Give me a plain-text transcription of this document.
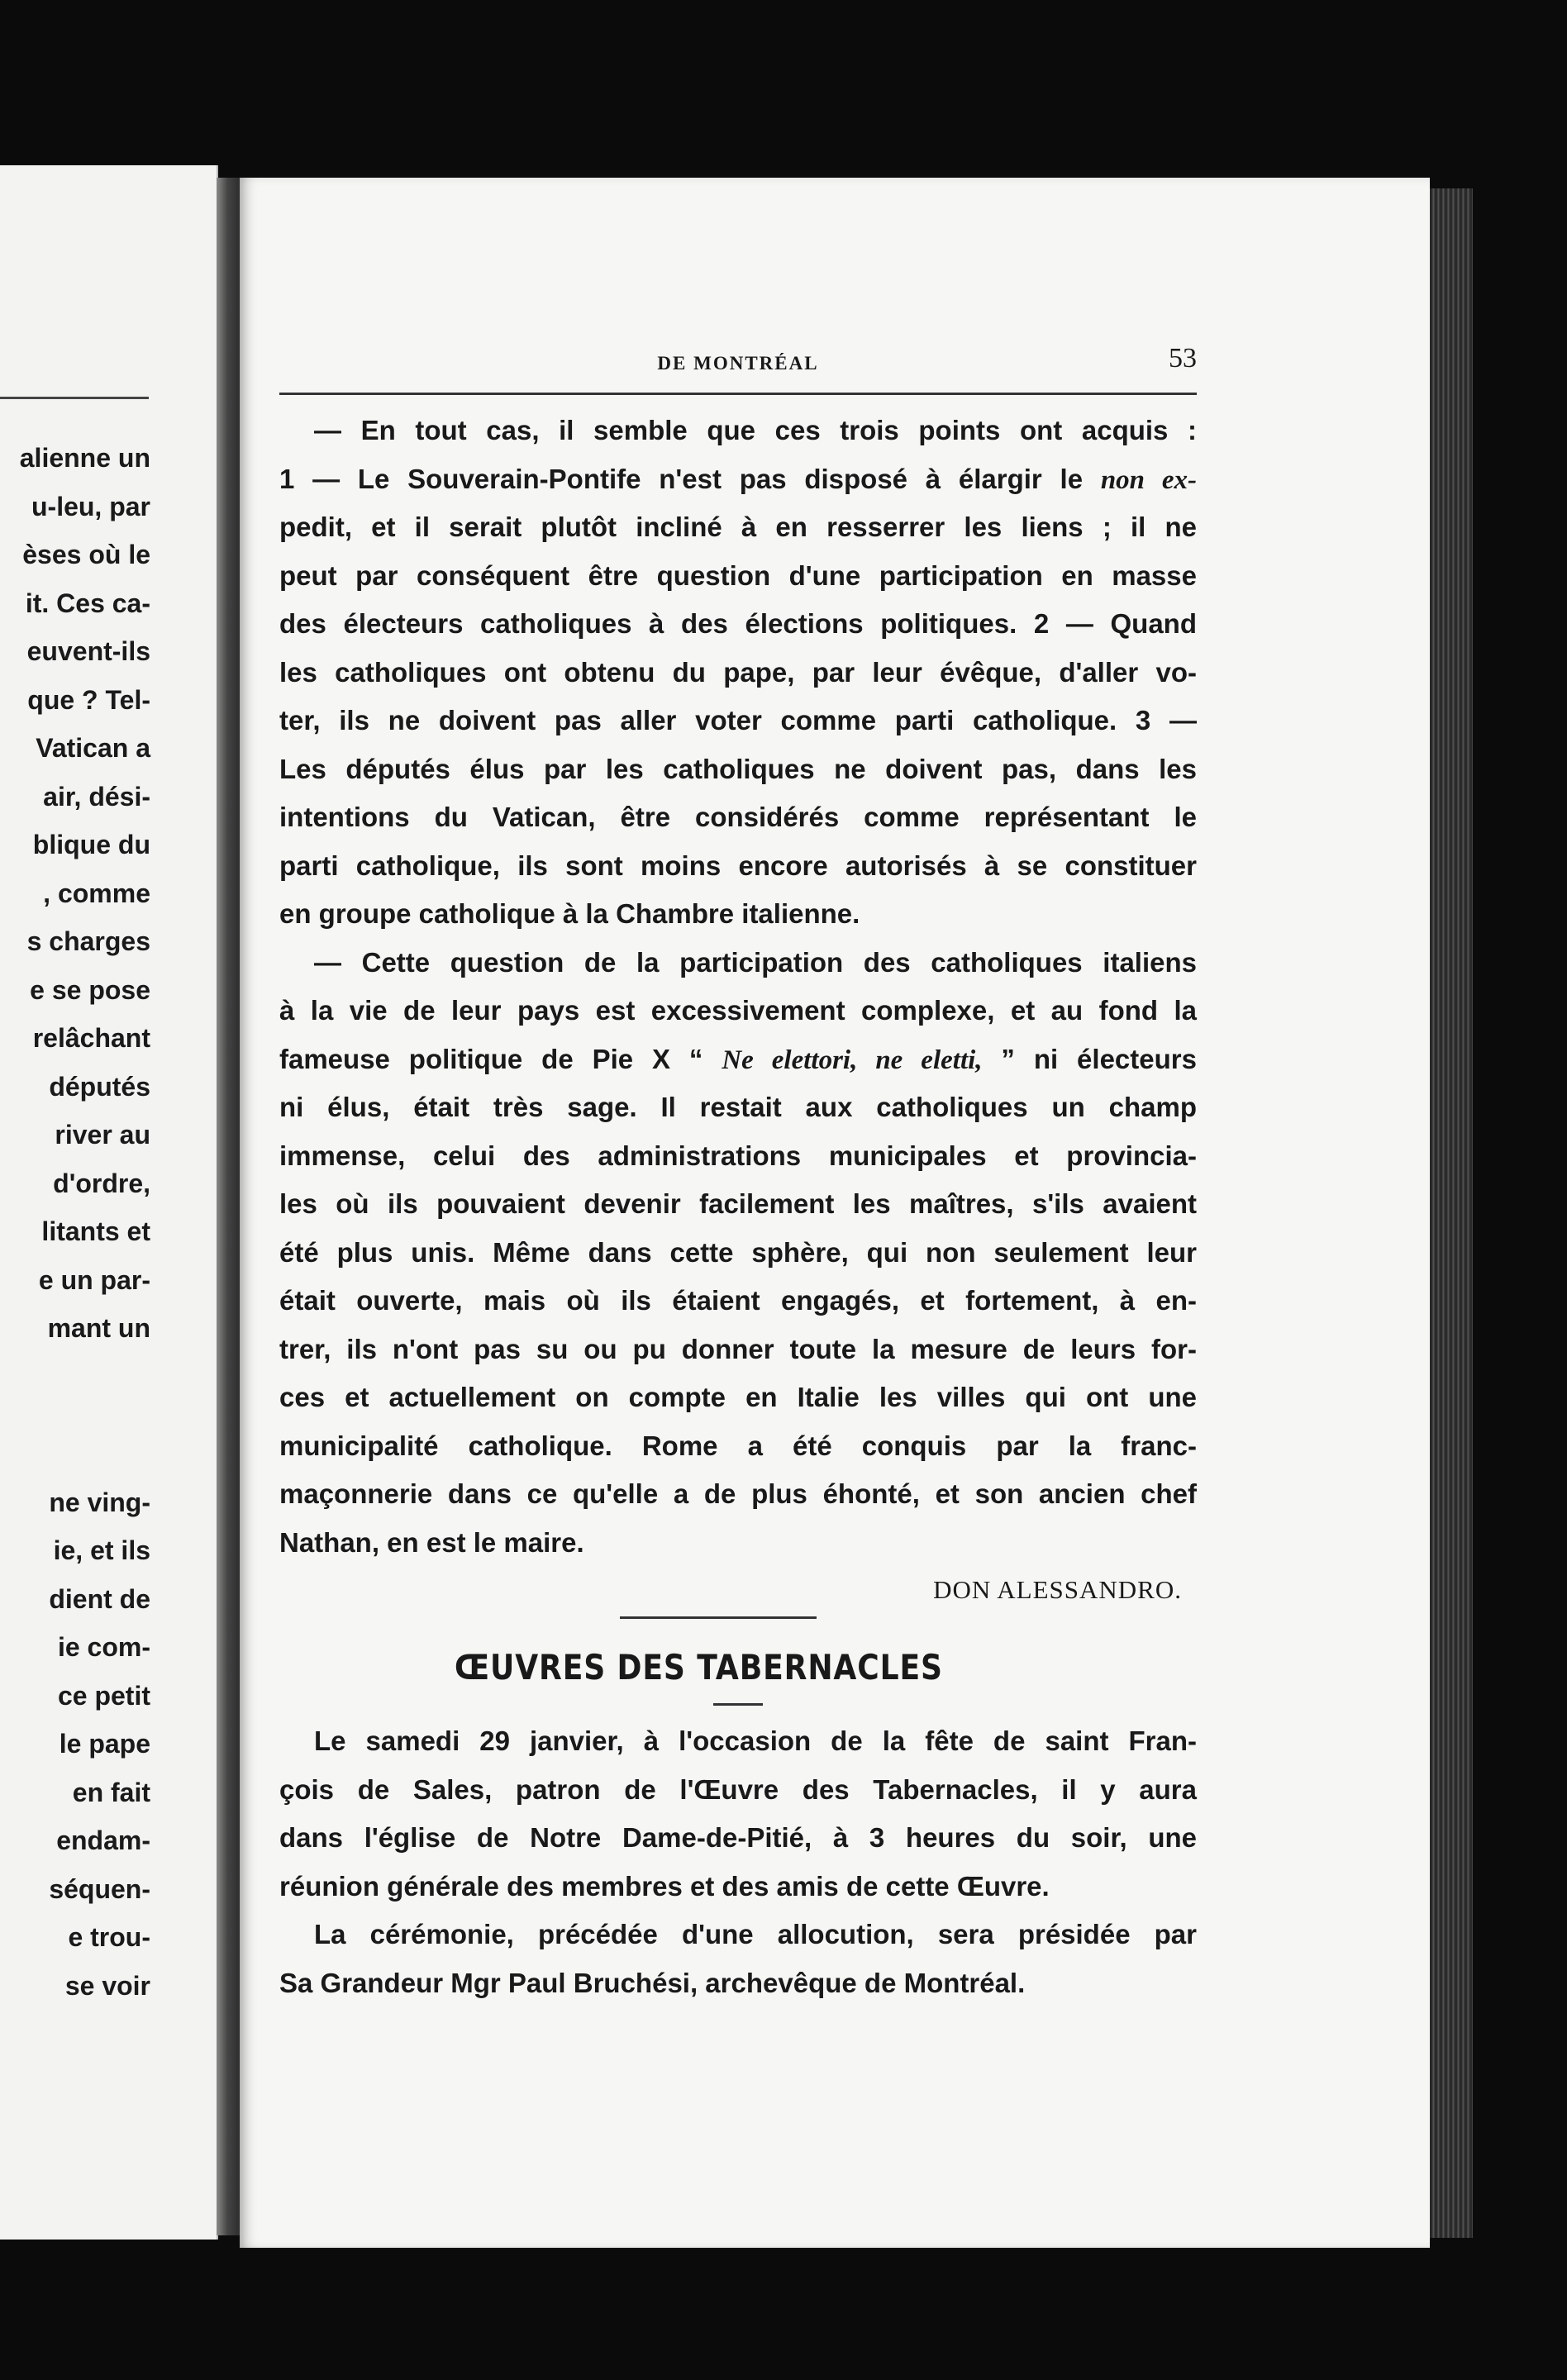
alienne un
u-leu, par
èses où le
it. Ces ca-
euvent-ils
que ? Tel-
Vatican a
air, dési-
blique du
, comme
s charges
e se pose
relâchant
députés
river au
d'ordre,
litants et
e un par-
mant un
ne ving-
ie, et ils
dient de
ie com-
ce petit
le pape
en fait
endam-
séquen-
e trou-
se voir
DE MONTRÉAL	53

— En tout cas, il semble que ces trois points ont acquis :
1 — Le Souverain-Pontife n'est pas disposé à élargir le non ex-
pedit, et il serait plutôt incliné à en resserrer les liens ; il ne
peut par conséquent être question d'une participation en masse
des électeurs catholiques à des élections politiques. 2 — Quand
les catholiques ont obtenu du pape, par leur évêque, d'aller vo-
ter, ils ne doivent pas aller voter comme parti catholique. 3 —
Les députés élus par les catholiques ne doivent pas, dans les
intentions du Vatican, être considérés comme représentant le
parti catholique, ils sont moins encore autorisés à se constituer
en groupe catholique à la Chambre italienne.

— Cette question de la participation des catholiques italiens
à la vie de leur pays est excessivement complexe, et au fond la
fameuse politique de Pie X “ Ne elettori, ne eletti, ” ni électeurs
ni élus, était très sage. Il restait aux catholiques un champ
immense, celui des administrations municipales et provincia-
les où ils pouvaient devenir facilement les maîtres, s'ils avaient
été plus unis. Même dans cette sphère, qui non seulement leur
était ouverte, mais où ils étaient engagés, et fortement, à en-
trer, ils n'ont pas su ou pu donner toute la mesure de leurs for-
ces et actuellement on compte en Italie les villes qui ont une
municipalité catholique. Rome a été conquis par la franc-
maçonnerie dans ce qu'elle a de plus éhonté, et son ancien chef
Nathan, en est le maire.

DON ALESSANDRO.
ŒUVRES DES TABERNACLES

Le samedi 29 janvier, à l'occasion de la fête de saint Fran-
çois de Sales, patron de l'Œuvre des Tabernacles, il y aura
dans l'église de Notre Dame-de-Pitié, à 3 heures du soir, une
réunion générale des membres et des amis de cette Œuvre.

La cérémonie, précédée d'une allocution, sera présidée par
Sa Grandeur Mgr Paul Bruchési, archevêque de Montréal.
